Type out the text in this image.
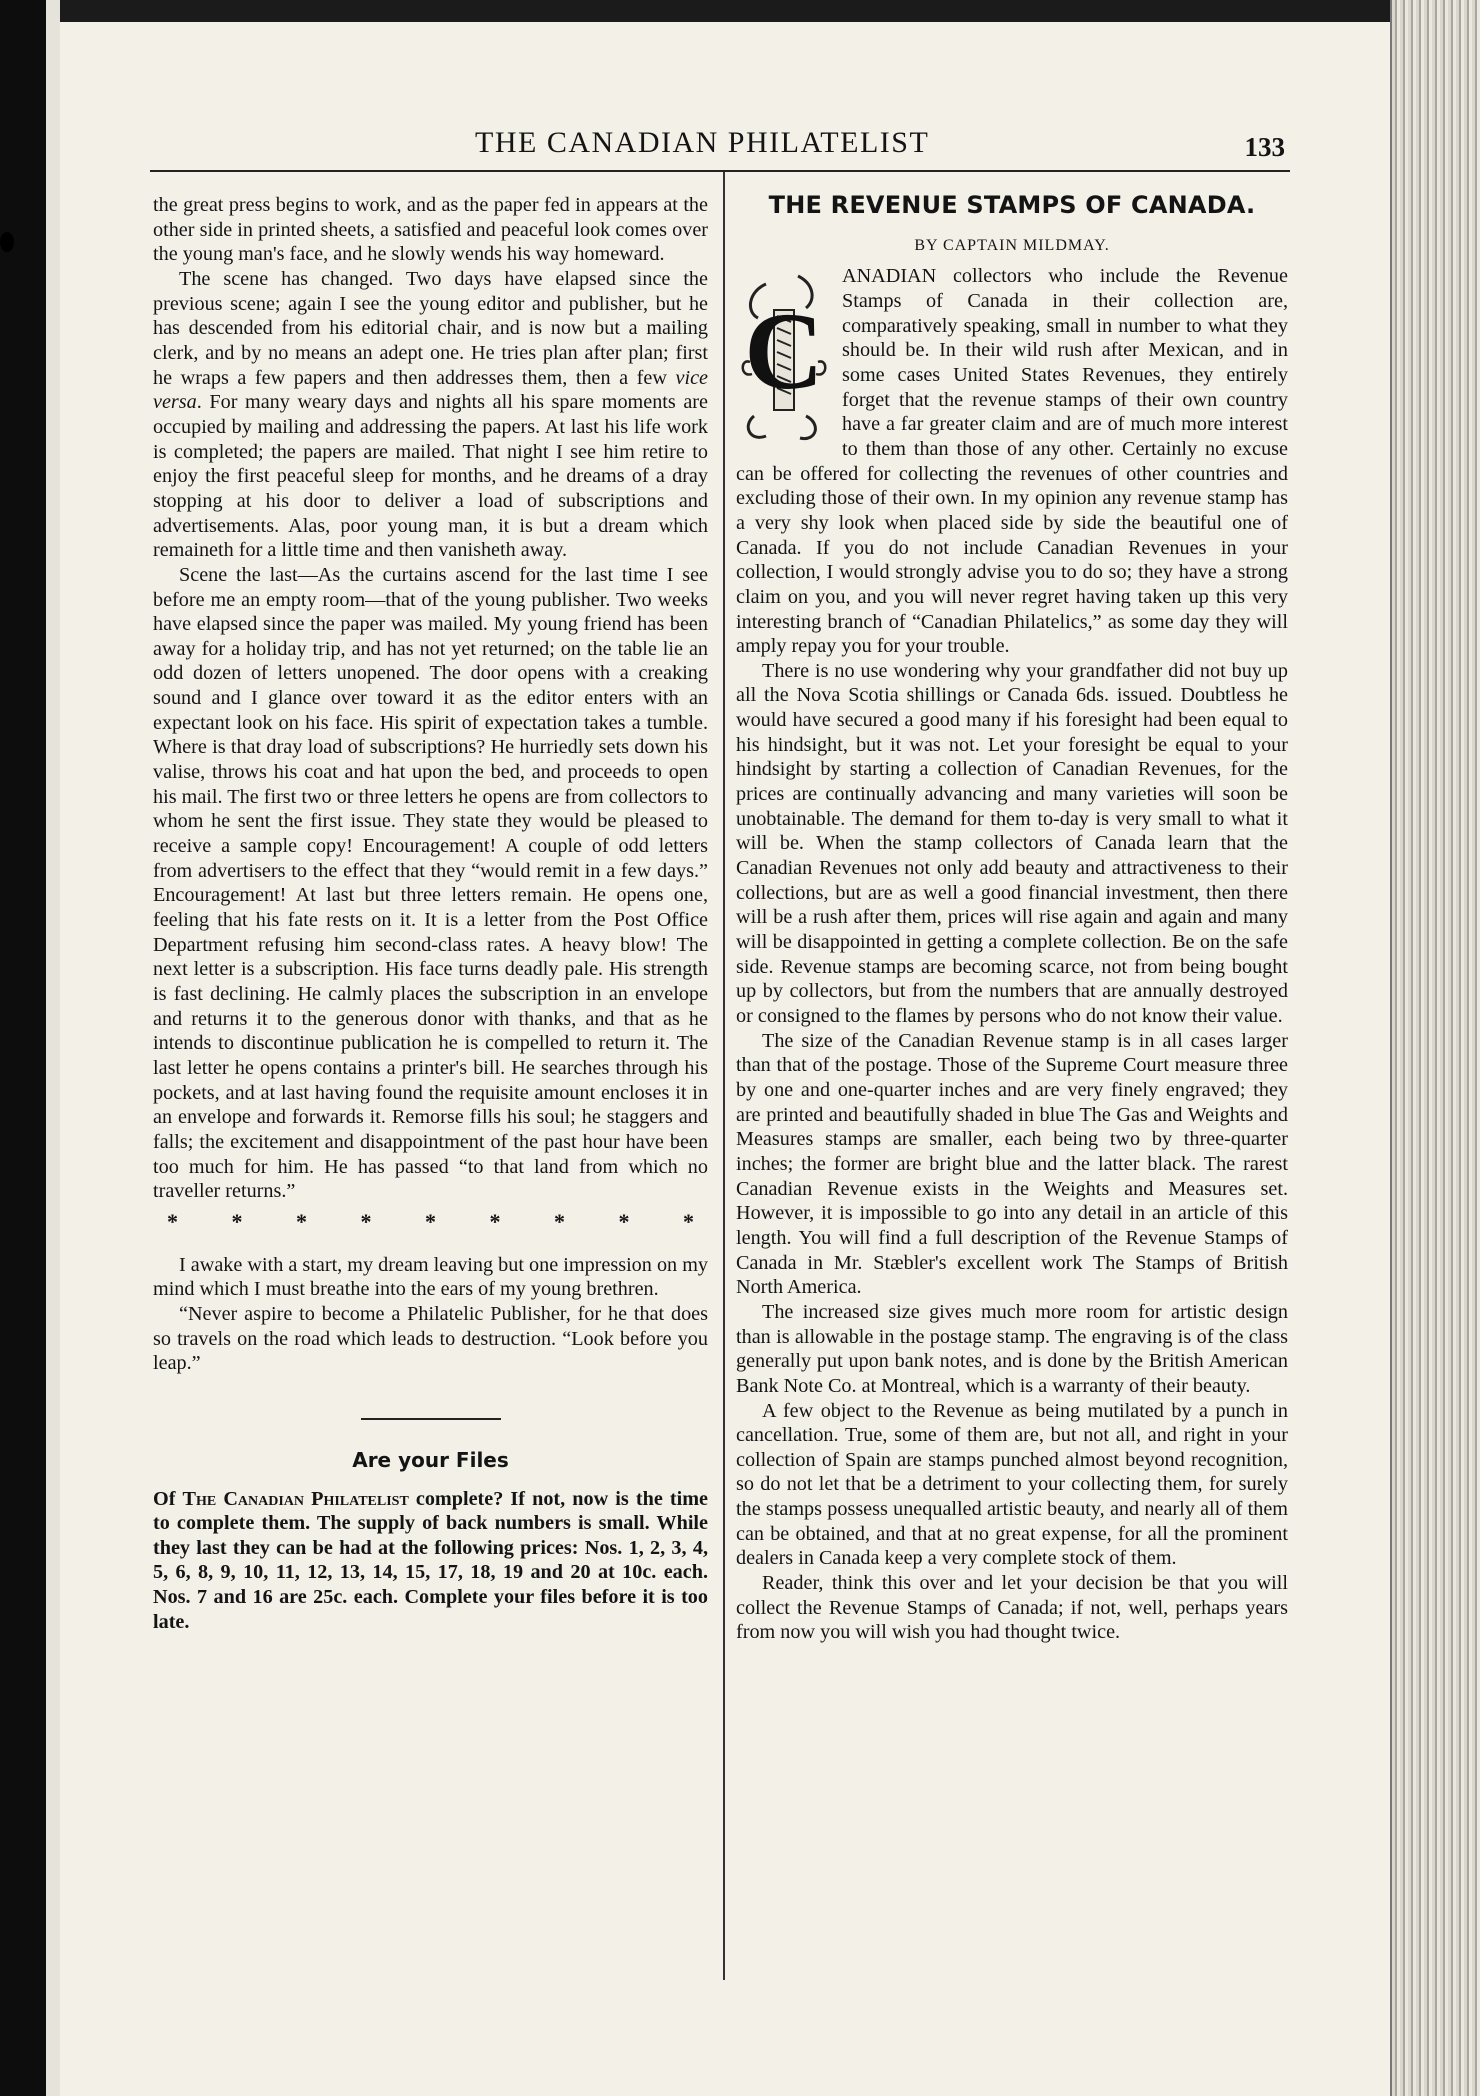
THE CANADIAN PHILATELIST	133

the great press begins to work, and as the paper fed in appears at the other side in printed sheets, a satisfied and peaceful look comes over the young man's face, and he slowly wends his way homeward.

The scene has changed. Two days have elapsed since the previous scene; again I see the young editor and publisher, but he has descended from his editorial chair, and is now but a mailing clerk, and by no means an adept one. He tries plan after plan; first he wraps a few papers and then addresses them, then a few vice versa. For many weary days and nights all his spare moments are occupied by mailing and addressing the papers. At last his life work is completed; the papers are mailed. That night I see him retire to enjoy the first peaceful sleep for months, and he dreams of a dray stopping at his door to deliver a load of subscriptions and advertisements. Alas, poor young man, it is but a dream which remaineth for a little time and then vanisheth away.

Scene the last—As the curtains ascend for the last time I see before me an empty room—that of the young publisher. Two weeks have elapsed since the paper was mailed. My young friend has been away for a holiday trip, and has not yet returned; on the table lie an odd dozen of letters unopened. The door opens with a creaking sound and I glance over toward it as the editor enters with an expectant look on his face. His spirit of expectation takes a tumble. Where is that dray load of subscriptions? He hurriedly sets down his valise, throws his coat and hat upon the bed, and proceeds to open his mail. The first two or three letters he opens are from collectors to whom he sent the first issue. They state they would be pleased to receive a sample copy! Encouragement! A couple of odd letters from advertisers to the effect that they “would remit in a few days.” Encouragement! At last but three letters remain. He opens one, feeling that his fate rests on it. It is a letter from the Post Office Department refusing him second-class rates. A heavy blow! The next letter is a subscription. His face turns deadly pale. His strength is fast declining. He calmly places the subscription in an envelope and returns it to the generous donor with thanks, and that as he intends to discontinue publication he is compelled to return it. The last letter he opens contains a printer's bill. He searches through his pockets, and at last having found the requisite amount encloses it in an envelope and forwards it. Remorse fills his soul; he staggers and falls; the excitement and disappointment of the past hour have been too much for him. He has passed “to that land from which no traveller returns.”

* * * * * * * * *

I awake with a start, my dream leaving but one impression on my mind which I must breathe into the ears of my young brethren.

“Never aspire to become a Philatelic Publisher, for he that does so travels on the road which leads to destruction. “Look before you leap.”

Are your Files

Of The Canadian Philatelist complete? If not, now is the time to complete them. The supply of back numbers is small. While they last they can be had at the following prices: Nos. 1, 2, 3, 4, 5, 6, 8, 9, 10, 11, 12, 13, 14, 15, 17, 18, 19 and 20 at 10c. each. Nos. 7 and 16 are 25c. each. Complete your files before it is too late.

THE REVENUE STAMPS OF CANADA.
BY CAPTAIN MILDMAY.

C
ANADIAN collectors who include the Revenue Stamps of Canada in their collection are, comparatively speaking, small in number to what they should be. In their wild rush after Mexican, and in some cases United States Revenues, they entirely forget that the revenue stamps of their own country have a far greater claim and are of much more interest to them than those of any other. Certainly no excuse can be offered for collecting the revenues of other countries and excluding those of their own. In my opinion any revenue stamp has a very shy look when placed side by side the beautiful one of Canada. If you do not include Canadian Revenues in your collection, I would strongly advise you to do so; they have a strong claim on you, and you will never regret having taken up this very interesting branch of “Canadian Philatelics,” as some day they will amply repay you for your trouble.

There is no use wondering why your grandfather did not buy up all the Nova Scotia shillings or Canada 6ds. issued. Doubtless he would have secured a good many if his foresight had been equal to his hindsight, but it was not. Let your foresight be equal to your hindsight by starting a collection of Canadian Revenues, for the prices are continually advancing and many varieties will soon be unobtainable. The demand for them to-day is very small to what it will be. When the stamp collectors of Canada learn that the Canadian Revenues not only add beauty and attractiveness to their collections, but are as well a good financial investment, then there will be a rush after them, prices will rise again and again and many will be disappointed in getting a complete collection. Be on the safe side. Revenue stamps are becoming scarce, not from being bought up by collectors, but from the numbers that are annually destroyed or consigned to the flames by persons who do not know their value.

The size of the Canadian Revenue stamp is in all cases larger than that of the postage. Those of the Supreme Court measure three by one and one-quarter inches and are very finely engraved; they are printed and beautifully shaded in blue The Gas and Weights and Measures stamps are smaller, each being two by three-quarter inches; the former are bright blue and the latter black. The rarest Canadian Revenue exists in the Weights and Measures set. However, it is impossible to go into any detail in an article of this length. You will find a full description of the Revenue Stamps of Canada in Mr. Stæbler's excellent work The Stamps of British North America.

The increased size gives much more room for artistic design than is allowable in the postage stamp. The engraving is of the class generally put upon bank notes, and is done by the British American Bank Note Co. at Montreal, which is a warranty of their beauty.

A few object to the Revenue as being mutilated by a punch in cancellation. True, some of them are, but not all, and right in your collection of Spain are stamps punched almost beyond recognition, so do not let that be a detriment to your collecting them, for surely the stamps possess unequalled artistic beauty, and nearly all of them can be obtained, and that at no great expense, for all the prominent dealers in Canada keep a very complete stock of them.

Reader, think this over and let your decision be that you will collect the Revenue Stamps of Canada; if not, well, perhaps years from now you will wish you had thought twice.
